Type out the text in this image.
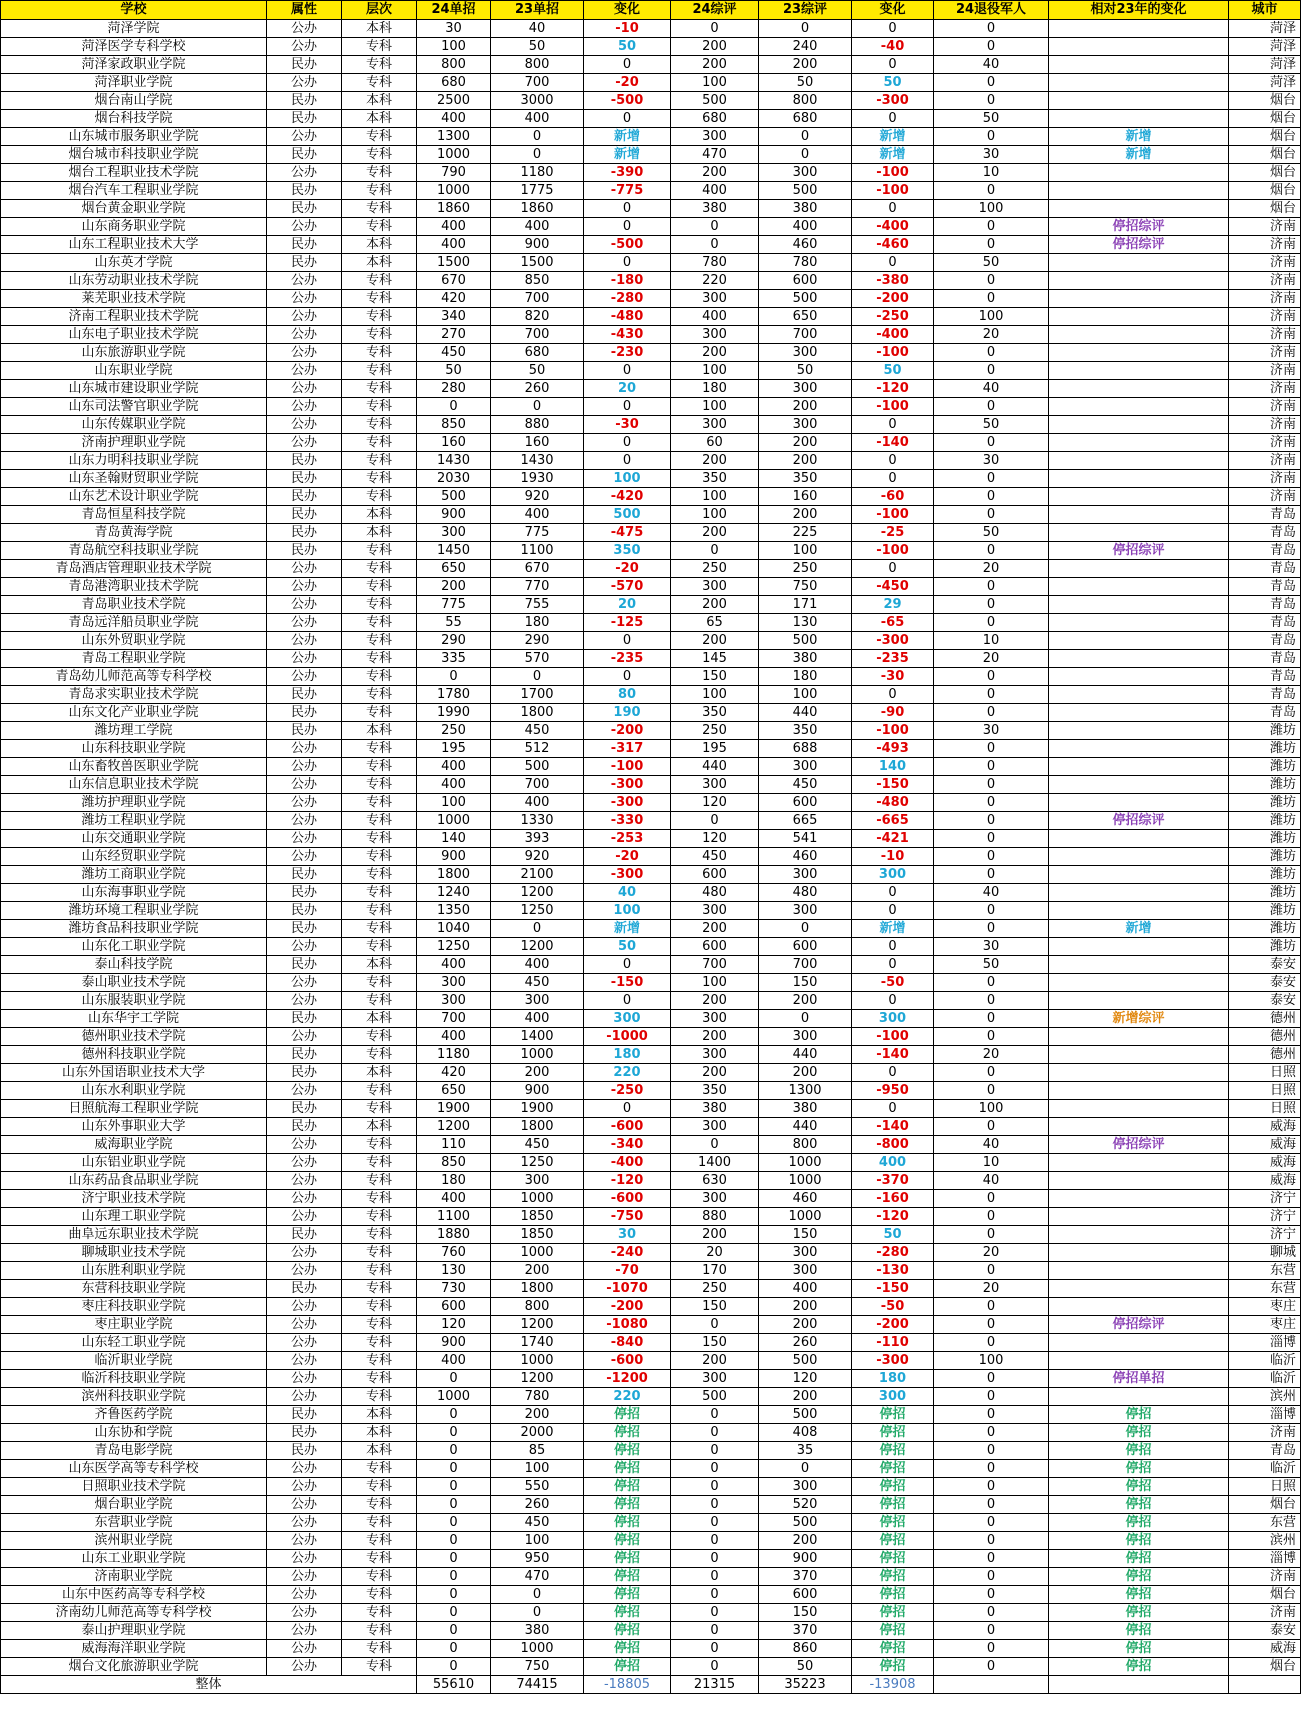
学校	属性	层次	24单招	23单招	变化	24综评	23综评	变化	24退役军人	相对23年的变化	城市
菏泽学院	公办	本科	30	40	-10	0	0	0	0		菏泽
菏泽医学专科学校	公办	专科	100	50	50	200	240	-40	0		菏泽
菏泽家政职业学院	民办	专科	800	800	0	200	200	0	40		菏泽
菏泽职业学院	公办	专科	680	700	-20	100	50	50	0		菏泽
烟台南山学院	民办	本科	2500	3000	-500	500	800	-300	0		烟台
烟台科技学院	民办	本科	400	400	0	680	680	0	50		烟台
山东城市服务职业学院	公办	专科	1300	0	新增	300	0	新增	0	新增	烟台
烟台城市科技职业学院	民办	专科	1000	0	新增	470	0	新增	30	新增	烟台
烟台工程职业技术学院	公办	专科	790	1180	-390	200	300	-100	10		烟台
烟台汽车工程职业学院	民办	专科	1000	1775	-775	400	500	-100	0		烟台
烟台黄金职业学院	民办	专科	1860	1860	0	380	380	0	100		烟台
山东商务职业学院	公办	专科	400	400	0	0	400	-400	0	停招综评	济南
山东工程职业技术大学	民办	本科	400	900	-500	0	460	-460	0	停招综评	济南
山东英才学院	民办	本科	1500	1500	0	780	780	0	50		济南
山东劳动职业技术学院	公办	专科	670	850	-180	220	600	-380	0		济南
莱芜职业技术学院	公办	专科	420	700	-280	300	500	-200	0		济南
济南工程职业技术学院	公办	专科	340	820	-480	400	650	-250	100		济南
山东电子职业技术学院	公办	专科	270	700	-430	300	700	-400	20		济南
山东旅游职业学院	公办	专科	450	680	-230	200	300	-100	0		济南
山东职业学院	公办	专科	50	50	0	100	50	50	0		济南
山东城市建设职业学院	公办	专科	280	260	20	180	300	-120	40		济南
山东司法警官职业学院	公办	专科	0	0	0	100	200	-100	0		济南
山东传媒职业学院	公办	专科	850	880	-30	300	300	0	50		济南
济南护理职业学院	公办	专科	160	160	0	60	200	-140	0		济南
山东力明科技职业学院	民办	专科	1430	1430	0	200	200	0	30		济南
山东圣翰财贸职业学院	民办	专科	2030	1930	100	350	350	0	0		济南
山东艺术设计职业学院	民办	专科	500	920	-420	100	160	-60	0		济南
青岛恒星科技学院	民办	本科	900	400	500	100	200	-100	0		青岛
青岛黄海学院	民办	本科	300	775	-475	200	225	-25	50		青岛
青岛航空科技职业学院	民办	专科	1450	1100	350	0	100	-100	0	停招综评	青岛
青岛酒店管理职业技术学院	公办	专科	650	670	-20	250	250	0	20		青岛
青岛港湾职业技术学院	公办	专科	200	770	-570	300	750	-450	0		青岛
青岛职业技术学院	公办	专科	775	755	20	200	171	29	0		青岛
青岛远洋船员职业学院	公办	专科	55	180	-125	65	130	-65	0		青岛
山东外贸职业学院	公办	专科	290	290	0	200	500	-300	10		青岛
青岛工程职业学院	公办	专科	335	570	-235	145	380	-235	20		青岛
青岛幼儿师范高等专科学校	公办	专科	0	0	0	150	180	-30	0		青岛
青岛求实职业技术学院	民办	专科	1780	1700	80	100	100	0	0		青岛
山东文化产业职业学院	民办	专科	1990	1800	190	350	440	-90	0		青岛
潍坊理工学院	民办	本科	250	450	-200	250	350	-100	30		潍坊
山东科技职业学院	公办	专科	195	512	-317	195	688	-493	0		潍坊
山东畜牧兽医职业学院	公办	专科	400	500	-100	440	300	140	0		潍坊
山东信息职业技术学院	公办	专科	400	700	-300	300	450	-150	0		潍坊
潍坊护理职业学院	公办	专科	100	400	-300	120	600	-480	0		潍坊
潍坊工程职业学院	公办	专科	1000	1330	-330	0	665	-665	0	停招综评	潍坊
山东交通职业学院	公办	专科	140	393	-253	120	541	-421	0		潍坊
山东经贸职业学院	公办	专科	900	920	-20	450	460	-10	0		潍坊
潍坊工商职业学院	民办	专科	1800	2100	-300	600	300	300	0		潍坊
山东海事职业学院	民办	专科	1240	1200	40	480	480	0	40		潍坊
潍坊环境工程职业学院	民办	专科	1350	1250	100	300	300	0	0		潍坊
潍坊食品科技职业学院	民办	专科	1040	0	新增	200	0	新增	0	新增	潍坊
山东化工职业学院	公办	专科	1250	1200	50	600	600	0	30		潍坊
泰山科技学院	民办	本科	400	400	0	700	700	0	50		泰安
泰山职业技术学院	公办	专科	300	450	-150	100	150	-50	0		泰安
山东服装职业学院	公办	专科	300	300	0	200	200	0	0		泰安
山东华宇工学院	民办	本科	700	400	300	300	0	300	0	新增综评	德州
德州职业技术学院	公办	专科	400	1400	-1000	200	300	-100	0		德州
德州科技职业学院	民办	专科	1180	1000	180	300	440	-140	20		德州
山东外国语职业技术大学	民办	本科	420	200	220	200	200	0	0		日照
山东水利职业学院	公办	专科	650	900	-250	350	1300	-950	0		日照
日照航海工程职业学院	民办	专科	1900	1900	0	380	380	0	100		日照
山东外事职业大学	民办	本科	1200	1800	-600	300	440	-140	0		威海
威海职业学院	公办	专科	110	450	-340	0	800	-800	40	停招综评	威海
山东铝业职业学院	公办	专科	850	1250	-400	1400	1000	400	10		威海
山东药品食品职业学院	公办	专科	180	300	-120	630	1000	-370	40		威海
济宁职业技术学院	公办	专科	400	1000	-600	300	460	-160	0		济宁
山东理工职业学院	公办	专科	1100	1850	-750	880	1000	-120	0		济宁
曲阜远东职业技术学院	民办	专科	1880	1850	30	200	150	50	0		济宁
聊城职业技术学院	公办	专科	760	1000	-240	20	300	-280	20		聊城
山东胜利职业学院	公办	专科	130	200	-70	170	300	-130	0		东营
东营科技职业学院	民办	专科	730	1800	-1070	250	400	-150	20		东营
枣庄科技职业学院	公办	专科	600	800	-200	150	200	-50	0		枣庄
枣庄职业学院	公办	专科	120	1200	-1080	0	200	-200	0	停招综评	枣庄
山东轻工职业学院	公办	专科	900	1740	-840	150	260	-110	0		淄博
临沂职业学院	公办	专科	400	1000	-600	200	500	-300	100		临沂
临沂科技职业学院	公办	专科	0	1200	-1200	300	120	180	0	停招单招	临沂
滨州科技职业学院	公办	专科	1000	780	220	500	200	300	0		滨州
齐鲁医药学院	民办	本科	0	200	停招	0	500	停招	0	停招	淄博
山东协和学院	民办	本科	0	2000	停招	0	408	停招	0	停招	济南
青岛电影学院	民办	本科	0	85	停招	0	35	停招	0	停招	青岛
山东医学高等专科学校	公办	专科	0	100	停招	0	0	停招	0	停招	临沂
日照职业技术学院	公办	专科	0	550	停招	0	300	停招	0	停招	日照
烟台职业学院	公办	专科	0	260	停招	0	520	停招	0	停招	烟台
东营职业学院	公办	专科	0	450	停招	0	500	停招	0	停招	东营
滨州职业学院	公办	专科	0	100	停招	0	200	停招	0	停招	滨州
山东工业职业学院	公办	专科	0	950	停招	0	900	停招	0	停招	淄博
济南职业学院	公办	专科	0	470	停招	0	370	停招	0	停招	济南
山东中医药高等专科学校	公办	专科	0	0	停招	0	600	停招	0	停招	烟台
济南幼儿师范高等专科学校	公办	专科	0	0	停招	0	150	停招	0	停招	济南
泰山护理职业学院	公办	专科	0	380	停招	0	370	停招	0	停招	泰安
威海海洋职业学院	公办	专科	0	1000	停招	0	860	停招	0	停招	威海
烟台文化旅游职业学院	公办	专科	0	750	停招	0	50	停招	0	停招	烟台
整体			55610	74415	-18805	21315	35223	-13908			
